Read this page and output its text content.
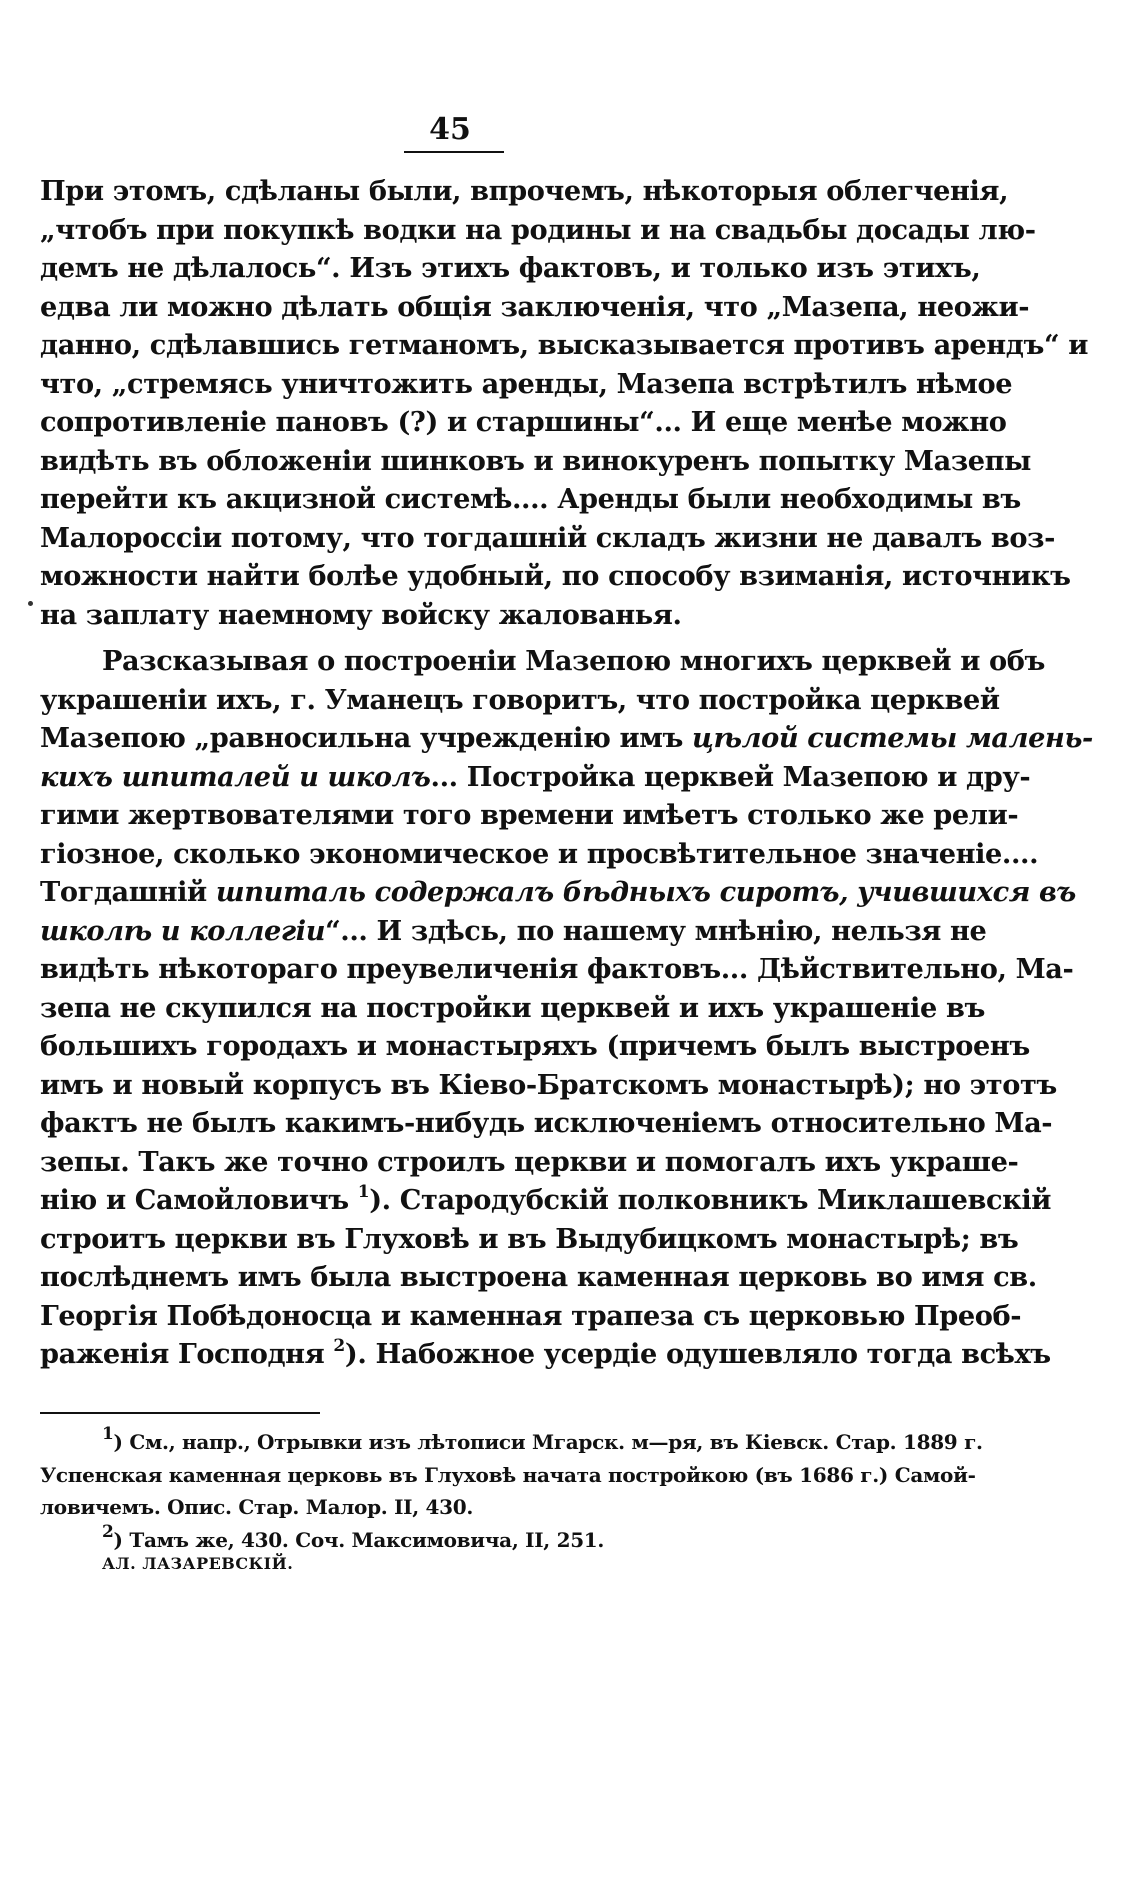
45
При этомъ, сдѣланы были, впрочемъ, нѣкоторыя облегченія,
„чтобъ при покупкѣ водки на родины и на свадьбы досады лю-
демъ не дѣлалось“. Изъ этихъ фактовъ, и только изъ этихъ,
едва ли можно дѣлать общія заключенія, что „Мазепа, неожи-
данно, сдѣлавшись гетманомъ, высказывается противъ арендъ“ и
что, „стремясь уничтожить аренды, Мазепа встрѣтилъ нѣмое
сопротивленіе пановъ (?) и старшины“... И еще менѣе можно
видѣть въ обложеніи шинковъ и винокуренъ попытку Мазепы
перейти къ акцизной системѣ.... Аренды были необходимы въ
Малороссіи потому, что тогдашній складъ жизни не давалъ воз-
можности найти болѣе удобный, по способу взиманія, источникъ
на заплату наемному войску жалованья.
Разсказывая о построеніи Мазепою многихъ церквей и объ
украшеніи ихъ, г. Уманецъ говоритъ, что постройка церквей
Мазепою „равносильна учрежденію имъ цѣлой системы малень-
кихъ шпиталей и школъ... Постройка церквей Мазепою и дру-
гими жертвователями того времени имѣетъ столько же рели-
гіозное, сколько экономическое и просвѣтительное значеніе....
Тогдашній шпиталь содержалъ бѣдныхъ сиротъ, учившихся въ
школѣ и коллегіи“... И здѣсь, по нашему мнѣнію, нельзя не
видѣть нѣкотораго преувеличенія фактовъ... Дѣйствительно, Ма-
зепа не скупился на постройки церквей и ихъ украшеніе въ
большихъ городахъ и монастыряхъ (причемъ былъ выстроенъ
имъ и новый корпусъ въ Кіево-Братскомъ монастырѣ); но этотъ
фактъ не былъ какимъ-нибудь исключеніемъ относительно Ма-
зепы. Такъ же точно строилъ церкви и помогалъ ихъ украше-
нію и Самойловичъ $^1$). Стародубскій полковникъ Миклашевскій
строитъ церкви въ Глуховѣ и въ Выдубицкомъ монастырѣ; въ
послѣднемъ имъ была выстроена каменная церковь во имя св.
Георгія Побѣдоносца и каменная трапеза съ церковью Преоб-
раженія Господня $^2$). Набожное усердіе одушевляло тогда всѣхъ
$^1$) См., напр., Отрывки изъ лѣтописи Мгарск. м—ря, въ Кіевск. Стар. 1889 г.
Успенская каменная церковь въ Глуховѣ начата постройкою (въ 1686 г.) Самой-
ловичемъ. Опис. Стар. Малор. II, 430.
$^2$) Тамъ же, 430. Соч. Максимовича, II, 251.
АЛ. ЛАЗАРЕВСКІЙ.
